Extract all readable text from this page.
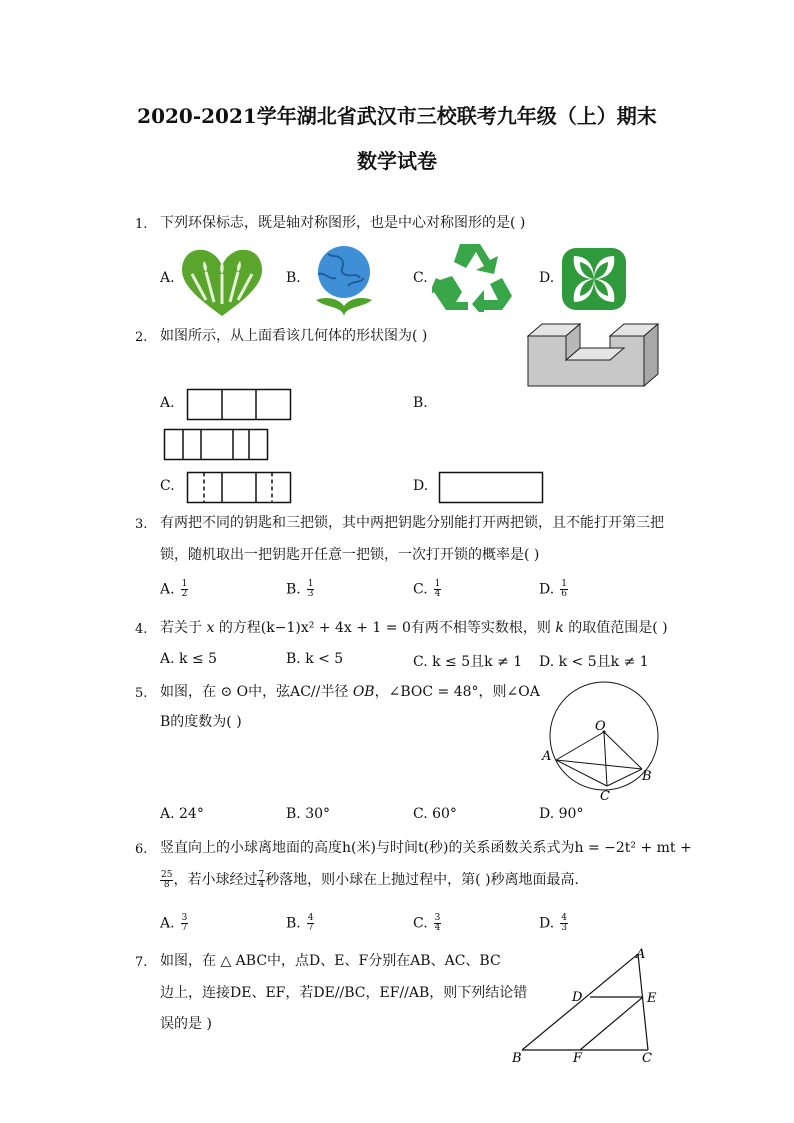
2020-2021学年湖北省武汉市三校联考九年级（上）期末
数学试卷
1. 下列环保标志，既是轴对称图形，也是中心对称图形的是( )
A.	B.	C.	D.
2. 如图所示，从上面看该几何体的形状图为( )
A.	B.
C.	D.
3. 有两把不同的钥匙和三把锁，其中两把钥匙分别能打开两把锁，且不能打开第三把
锁，随机取出一把钥匙开任意一把锁，一次打开锁的概率是( )
A. $\frac{1}{2}$	B. $\frac{1}{3}$	C. $\frac{1}{4}$	D. $\frac{1}{6}$
4. 若关于 x 的方程(k−1)x² + 4x + 1 = 0有两不相等实数根，则 k 的取值范围是( )
A. k ≤ 5	B. k < 5	C. k ≤ 5且k ≠ 1 D. k < 5且k ≠ 1
5. 如图，在 ⊙ O中，弦AC//半径 OB，∠BOC = 48°，则∠OA
B的度数为( )	O
A
B
C
A. 24°	B. 30°	C. 60°	D. 90°
6. 竖直向上的小球离地面的高度h(米)与时间t(秒)的关系函数关系式为h = −2t² + mt +
$\frac{25}{8}$ ，若小球经过 $\frac{7}{4}$ 秒落地，则小球在上抛过程中，第( )秒离地面最高.
A. $\frac{3}{7}$	B. $\frac{4}{7}$	C. $\frac{3}{4}$	D. $\frac{4}{3}$
7. 如图，在 △ ABC中，点D、E、F分别在AB、AC、BC
边上，连接DE、EF，若DE//BC，EF//AB，则下列结论错
误的是 )
A
B	C
D	E
F
